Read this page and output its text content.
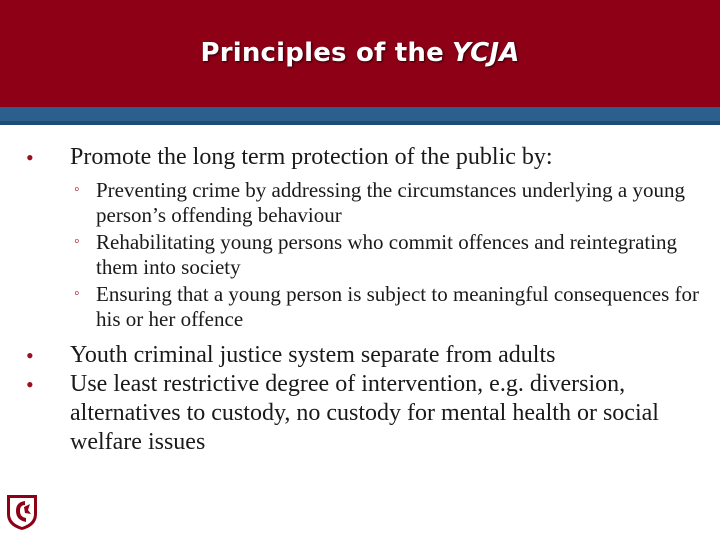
Principles of the YCJA
• Promote the long term protection of the public by:
◦ Preventing crime by addressing the circumstances underlying a young person’s offending behaviour
◦ Rehabilitating young persons who commit offences and reintegrating them into society
◦ Ensuring that a young person is subject to meaningful consequences for his or her offence
• Youth criminal justice system separate from adults
• Use least restrictive degree of intervention, e.g. diversion, alternatives to custody, no custody for mental health or social welfare issues
